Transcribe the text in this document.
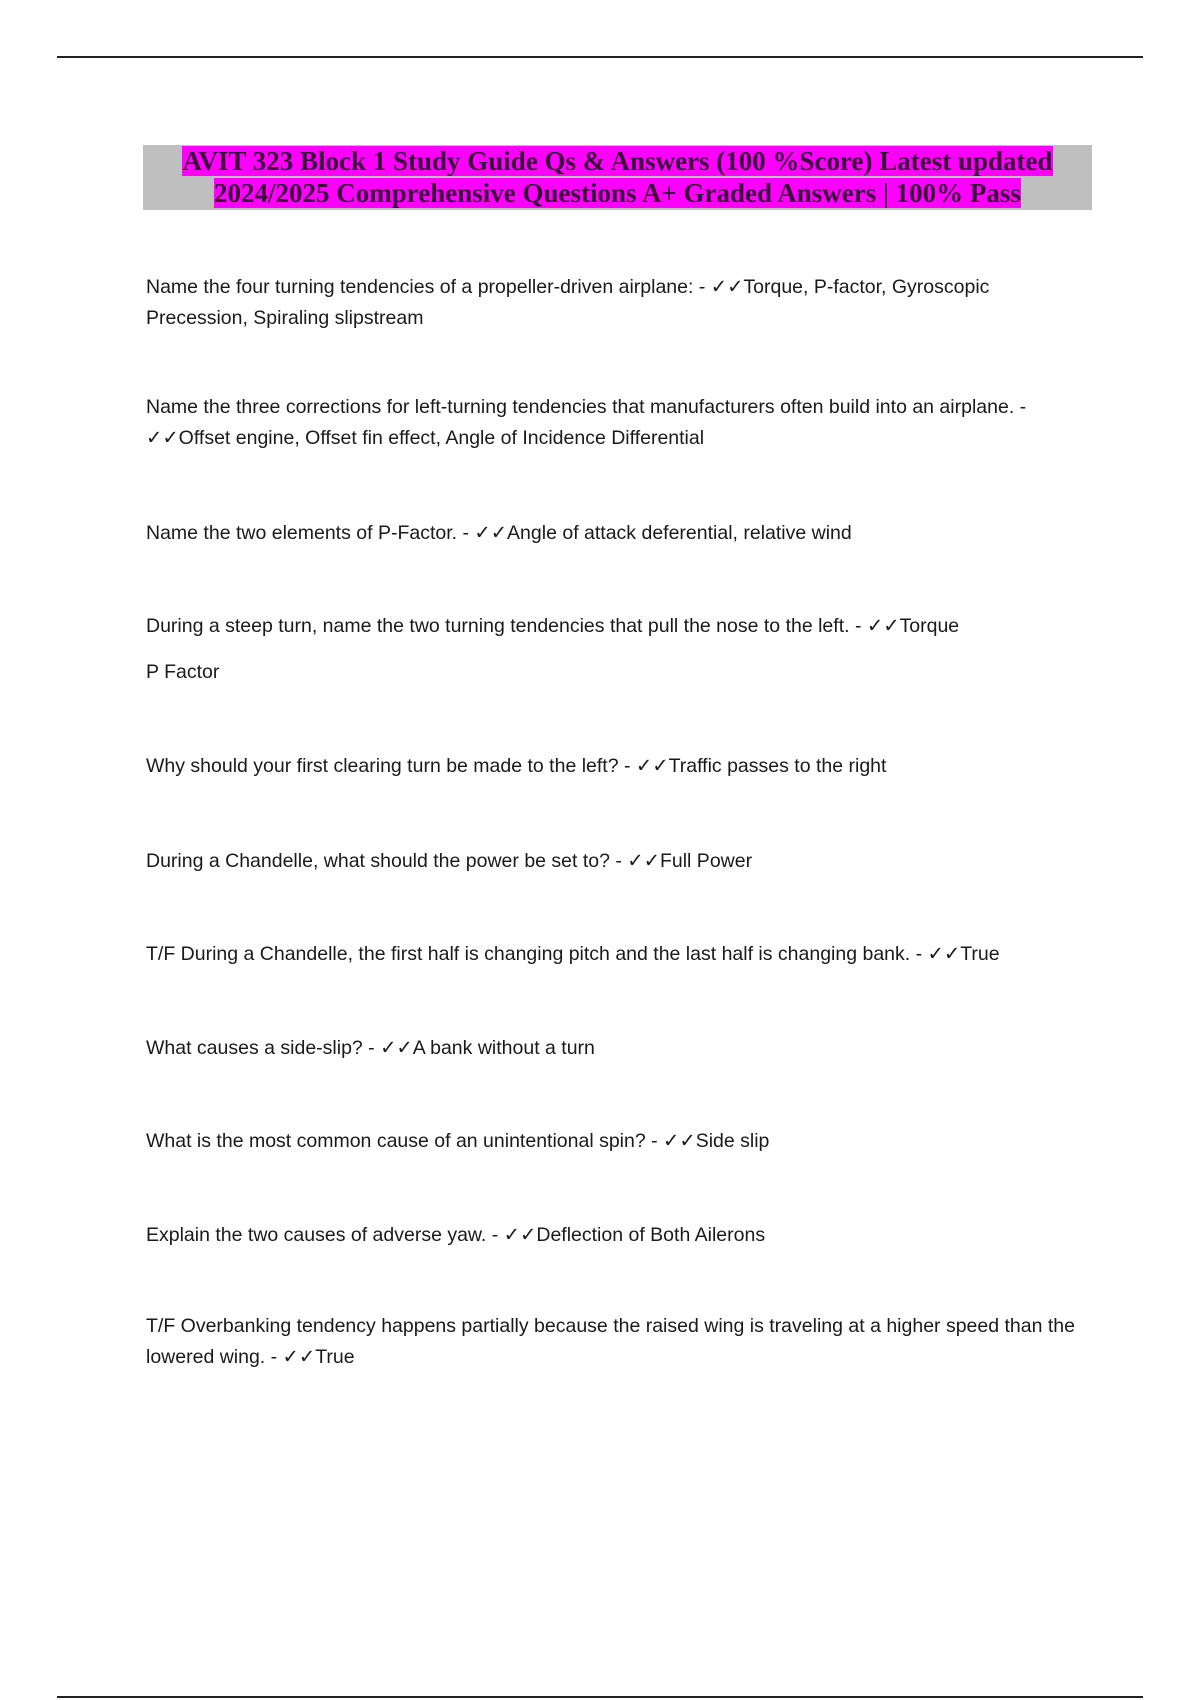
AVIT 323 Block 1 Study Guide Qs & Answers (100 %Score) Latest updated
2024/2025 Comprehensive Questions A+ Graded Answers | 100% Pass
Name the four turning tendencies of a propeller-driven airplane: - ✓✓Torque, P-factor, Gyroscopic Precession, Spiraling slipstream
Name the three corrections for left-turning tendencies that manufacturers often build into an airplane. - ✓✓Offset engine, Offset fin effect, Angle of Incidence Differential
Name the two elements of P-Factor. - ✓✓Angle of attack deferential, relative wind
During a steep turn, name the two turning tendencies that pull the nose to the left. - ✓✓Torque
P Factor
Why should your first clearing turn be made to the left? - ✓✓Traffic passes to the right
During a Chandelle, what should the power be set to? - ✓✓Full Power
T/F During a Chandelle, the first half is changing pitch and the last half is changing bank. - ✓✓True
What causes a side-slip? - ✓✓A bank without a turn
What is the most common cause of an unintentional spin? - ✓✓Side slip
Explain the two causes of adverse yaw. - ✓✓Deflection of Both Ailerons
T/F Overbanking tendency happens partially because the raised wing is traveling at a higher speed than the lowered wing. - ✓✓True
